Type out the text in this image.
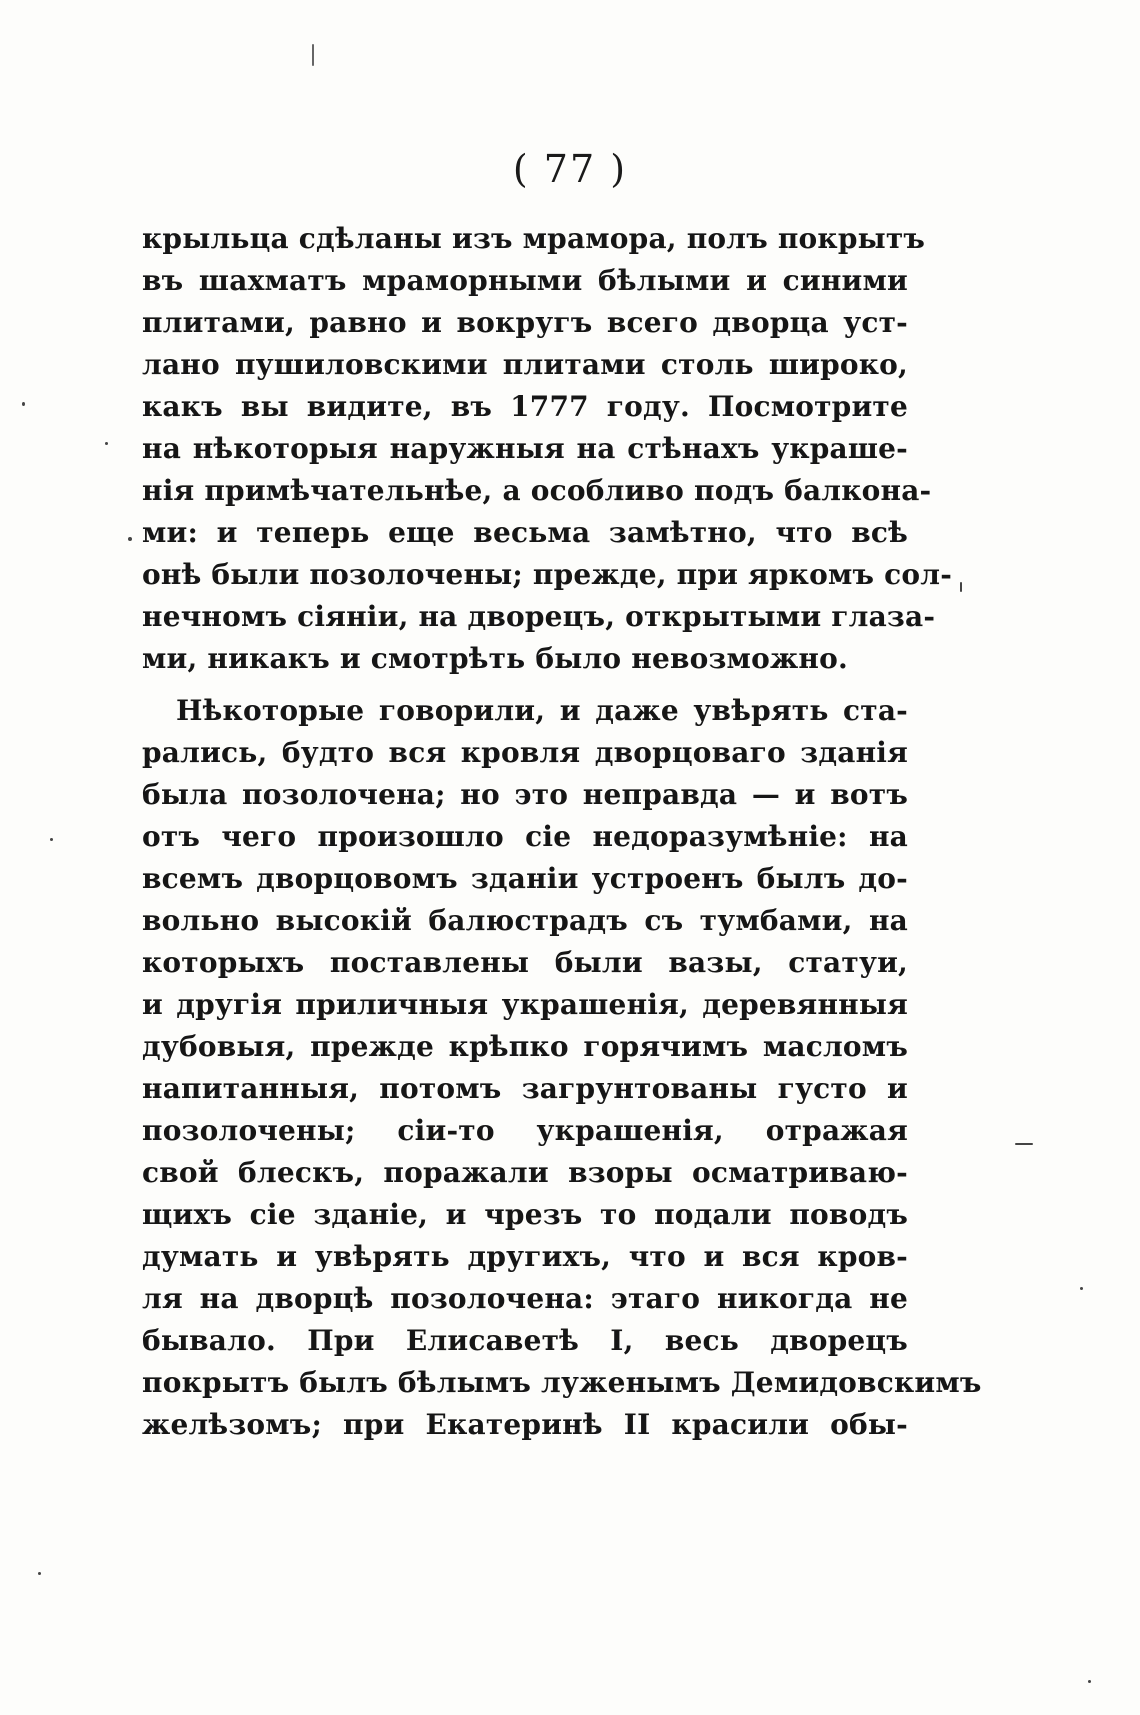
( 77 )
крыльца сдѣланы изъ мрамора, полъ покрытъ
въ шахматъ мраморными бѣлыми и синими
плитами, равно и вокругъ всего дворца уст-
лано пушиловскими плитами столь широко,
какъ вы видите, въ 1777 году. Посмотрите
на нѣкоторыя наружныя на стѣнахъ украше-
нія примѣчательнѣе, а особливо подъ балкона-
ми: и теперь еще весьма замѣтно, что всѣ
онѣ были позолочены; прежде, при яркомъ сол-
нечномъ сіяніи, на дворецъ, открытыми глаза-
ми, никакъ и смотрѣть было невозможно.
Нѣкоторые говорили, и даже увѣрять ста-
рались, будто вся кровля дворцоваго зданія
была позолочена; но это неправда — и вотъ
отъ чего произошло сіе недоразумѣніе: на
всемъ дворцовомъ зданіи устроенъ былъ до-
вольно высокій балюстрадъ съ тумбами, на
которыхъ поставлены были вазы, статуи,
и другія приличныя украшенія, деревянныя
дубовыя, прежде крѣпко горячимъ масломъ
напитанныя, потомъ загрунтованы густо и
позолочены; сіи-то украшенія, отражая
свой блескъ, поражали взоры осматриваю-
щихъ сіе зданіе, и чрезъ то подали поводъ
думать и увѣрять другихъ, что и вся кров-
ля на дворцѣ позолочена: этаго никогда не
бывало. При Елисаветѣ I, весь дворецъ
покрытъ былъ бѣлымъ луженымъ Демидовскимъ
желѣзомъ; при Екатеринѣ II красили обы-
